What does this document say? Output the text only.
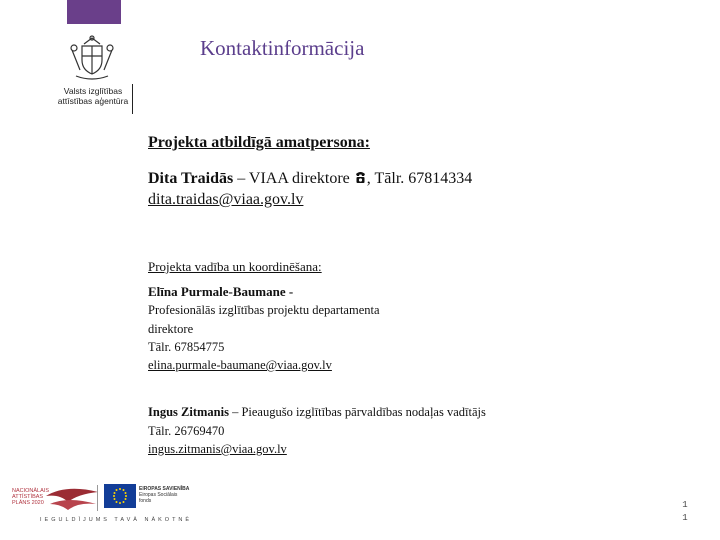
Valsts izglītības
attīstības aģentūra
Kontaktinformācija
Projekta atbildīgā amatpersona:
Dita Traidās – VIAA direktore , Tālr. 67814334
dita.traidas@viaa.gov.lv
Projekta vadība un koordinēšana:
Elīna Purmale-Baumane -
Profesionālās izglītības projektu departamenta
direktore
Tālr. 67854775
elina.purmale-baumane@viaa.gov.lv
Ingus Zitmanis – Pieaugušo izglītības pārvaldības nodaļas vadītājs
Tālr. 26769470
ingus.zitmanis@viaa.gov.lv
NACIONĀLAIS
ATTĪSTĪBAS
PLĀNS 2020
EIROPAS SAVIENĪBA
Eiropas Sociālais
fonds
IEGULDĪJUMS TAVĀ NĀKOTNĒ
1
1
